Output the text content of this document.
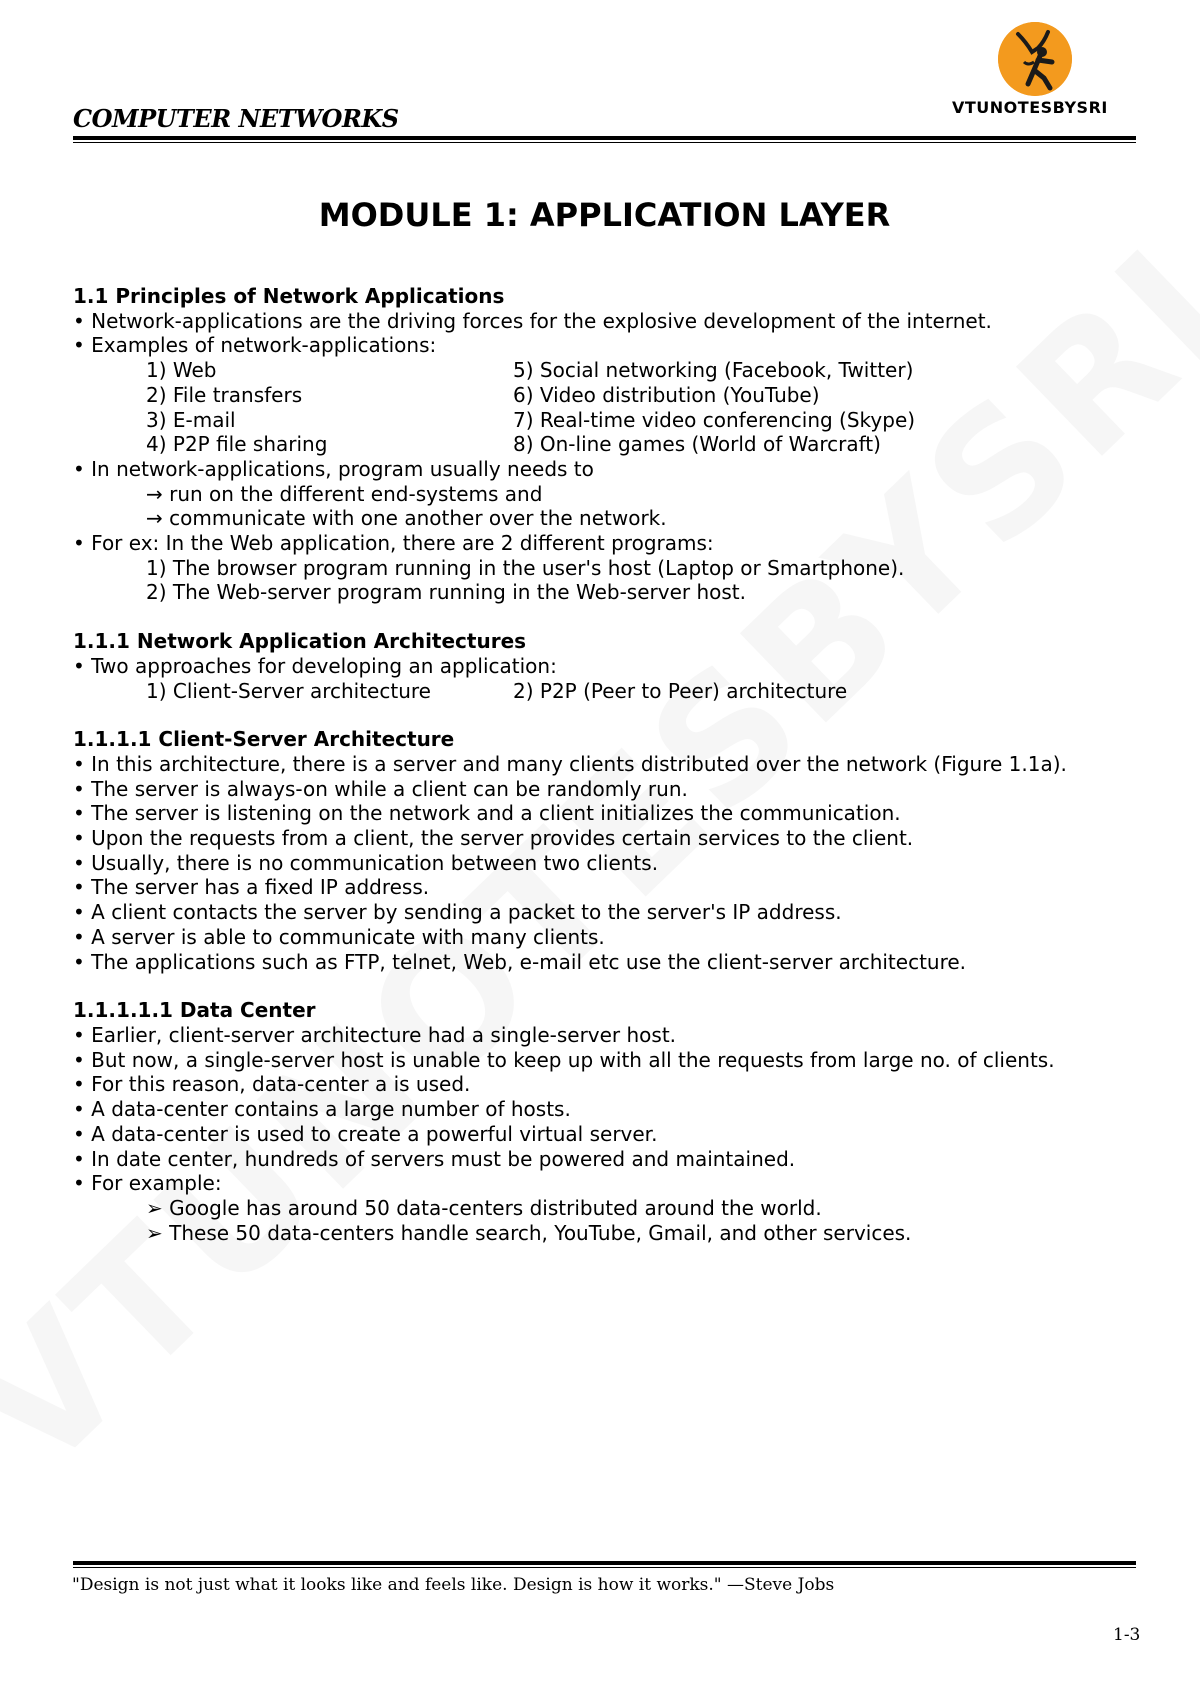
COMPUTER NETWORKS	VTUNOTESBYSRI
MODULE 1: APPLICATION LAYER
1.1 Principles of Network Applications
• Network-applications are the driving forces for the explosive development of the internet.
• Examples of network-applications:
1) Web	5) Social networking (Facebook, Twitter)
2) File transfers	6) Video distribution (YouTube)
3) E-mail	7) Real-time video conferencing (Skype)
4) P2P file sharing	8) On-line games (World of Warcraft)
• In network-applications, program usually needs to
→ run on the different end-systems and
→ communicate with one another over the network.
• For ex: In the Web application, there are 2 different programs:
1) The browser program running in the user's host (Laptop or Smartphone).
2) The Web-server program running in the Web-server host.
1.1.1 Network Application Architectures
• Two approaches for developing an application:
1) Client-Server architecture	2) P2P (Peer to Peer) architecture
1.1.1.1 Client-Server Architecture
• In this architecture, there is a server and many clients distributed over the network (Figure 1.1a).
• The server is always-on while a client can be randomly run.
• The server is listening on the network and a client initializes the communication.
• Upon the requests from a client, the server provides certain services to the client.
• Usually, there is no communication between two clients.
• The server has a fixed IP address.
• A client contacts the server by sending a packet to the server's IP address.
• A server is able to communicate with many clients.
• The applications such as FTP, telnet, Web, e-mail etc use the client-server architecture.
1.1.1.1.1 Data Center
• Earlier, client-server architecture had a single-server host.
• But now, a single-server host is unable to keep up with all the requests from large no. of clients.
• For this reason, data-center a is used.
• A data-center contains a large number of hosts.
• A data-center is used to create a powerful virtual server.
• In date center, hundreds of servers must be powered and maintained.
• For example:
➢ Google has around 50 data-centers distributed around the world.
➢ These 50 data-centers handle search, YouTube, Gmail, and other services.
"Design is not just what it looks like and feels like. Design is how it works." —Steve Jobs
1-3
